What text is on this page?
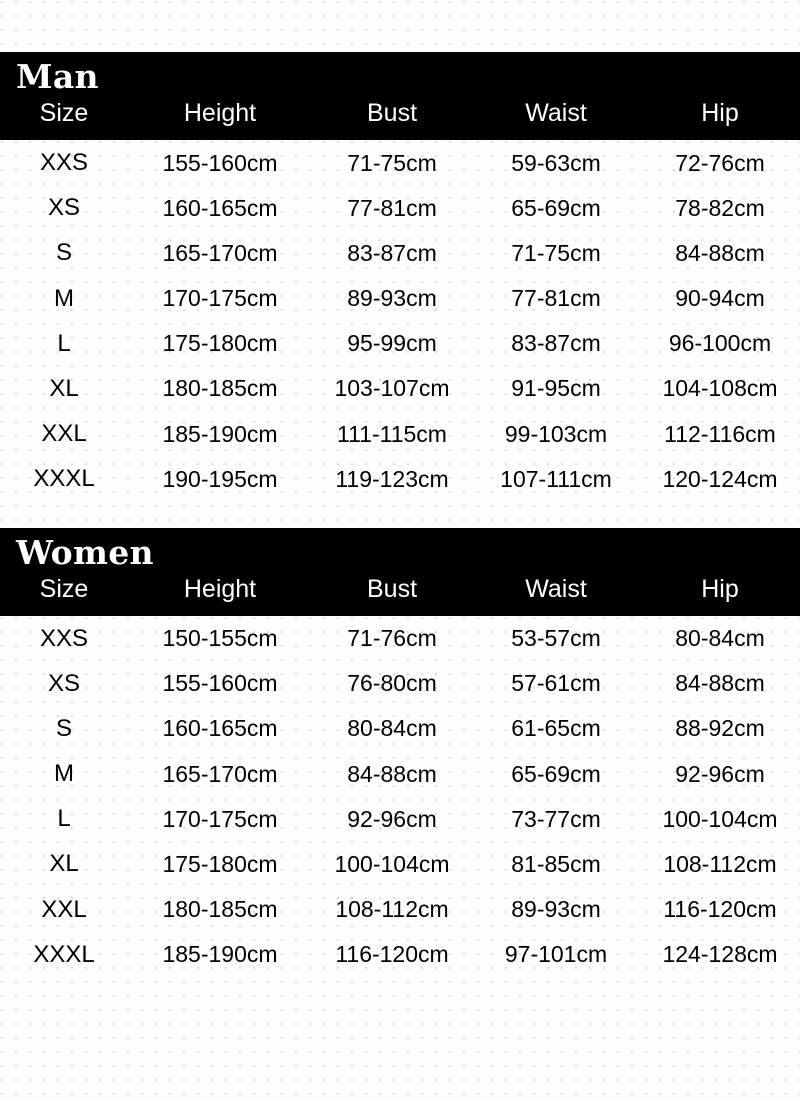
Man
Size	Height	Bust	Waist	Hip
XXS	155-160cm	71-75cm	59-63cm	72-76cm
XS	160-165cm	77-81cm	65-69cm	78-82cm
S	165-170cm	83-87cm	71-75cm	84-88cm
M	170-175cm	89-93cm	77-81cm	90-94cm
L	175-180cm	95-99cm	83-87cm	96-100cm
XL	180-185cm	103-107cm	91-95cm	104-108cm
XXL	185-190cm	111-115cm	99-103cm	112-116cm
XXXL	190-195cm	119-123cm	107-111cm	120-124cm
Women
Size	Height	Bust	Waist	Hip
XXS	150-155cm	71-76cm	53-57cm	80-84cm
XS	155-160cm	76-80cm	57-61cm	84-88cm
S	160-165cm	80-84cm	61-65cm	88-92cm
M	165-170cm	84-88cm	65-69cm	92-96cm
L	170-175cm	92-96cm	73-77cm	100-104cm
XL	175-180cm	100-104cm	81-85cm	108-112cm
XXL	180-185cm	108-112cm	89-93cm	116-120cm
XXXL	185-190cm	116-120cm	97-101cm	124-128cm
